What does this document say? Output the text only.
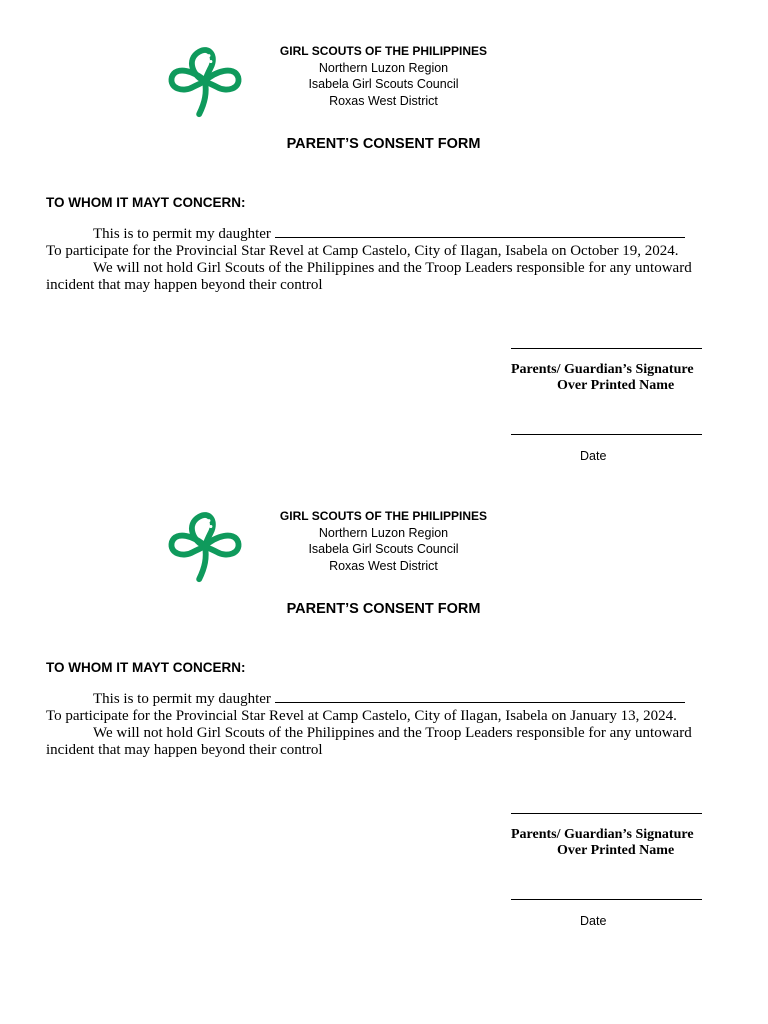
GIRL SCOUTS OF THE PHILIPPINES
Northern Luzon Region
Isabela Girl Scouts Council
Roxas West District
PARENT’S CONSENT FORM
TO WHOM IT MAYT CONCERN:

This is to permit my daughter

To participate for the Provincial Star Revel at Camp Castelo, City of Ilagan, Isabela on October 19, 2024.

We will not hold Girl Scouts of the Philippines and the Troop Leaders responsible for any untoward

incident that may happen beyond their control

Parents/ Guardian’s Signature
Over Printed Name
Date
GIRL SCOUTS OF THE PHILIPPINES
Northern Luzon Region
Isabela Girl Scouts Council
Roxas West District
PARENT’S CONSENT FORM
TO WHOM IT MAYT CONCERN:

This is to permit my daughter

To participate for the Provincial Star Revel at Camp Castelo, City of Ilagan, Isabela on January 13, 2024.

We will not hold Girl Scouts of the Philippines and the Troop Leaders responsible for any untoward

incident that may happen beyond their control

Parents/ Guardian’s Signature
Over Printed Name
Date
